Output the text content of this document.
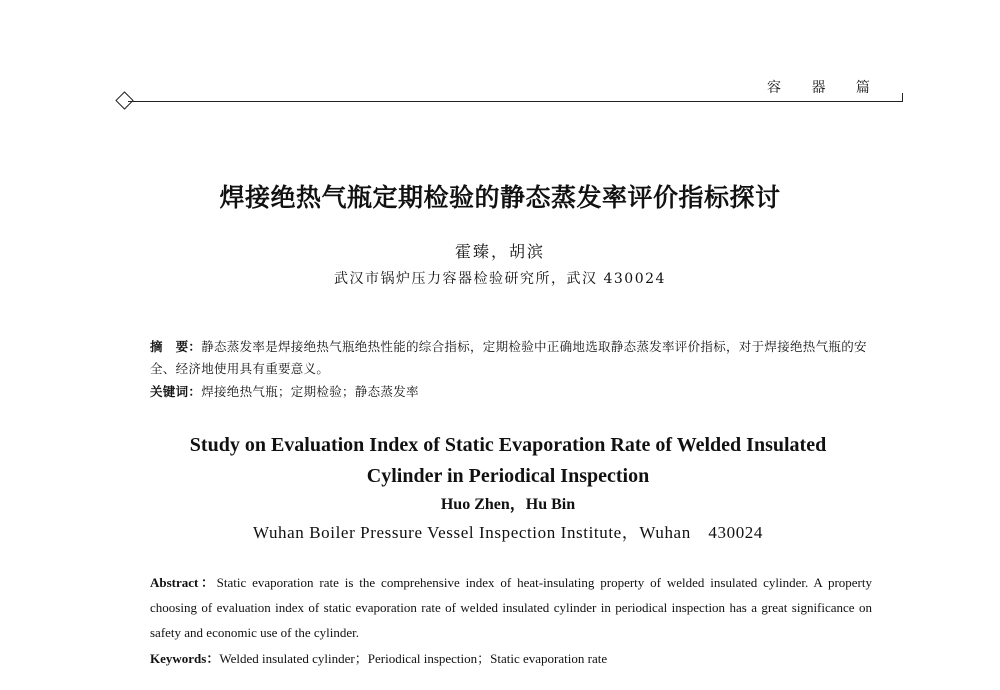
容 器 篇
焊接绝热气瓶定期检验的静态蒸发率评价指标探讨
霍臻，胡滨
武汉市锅炉压力容器检验研究所，武汉 430024
摘　要：静态蒸发率是焊接绝热气瓶绝热性能的综合指标，定期检验中正确地选取静态蒸发率评价指标，对于焊接绝热气瓶的安全、经济地使用具有重要意义。
关键词：焊接绝热气瓶；定期检验；静态蒸发率
Study on Evaluation Index of Static Evaporation Rate of Welded Insulated
Cylinder in Periodical Inspection
Huo Zhen，Hu Bin
Wuhan Boiler Pressure Vessel Inspection Institute，Wuhan　430024
Abstract：Static evaporation rate is the comprehensive index of heat-insulating property of welded insulated cylinder. A property choosing of evaluation index of static evaporation rate of welded insulated cylinder in periodical inspection has a great significance on safety and economic use of the cylinder.
Keywords：Welded insulated cylinder；Periodical inspection；Static evaporation rate
